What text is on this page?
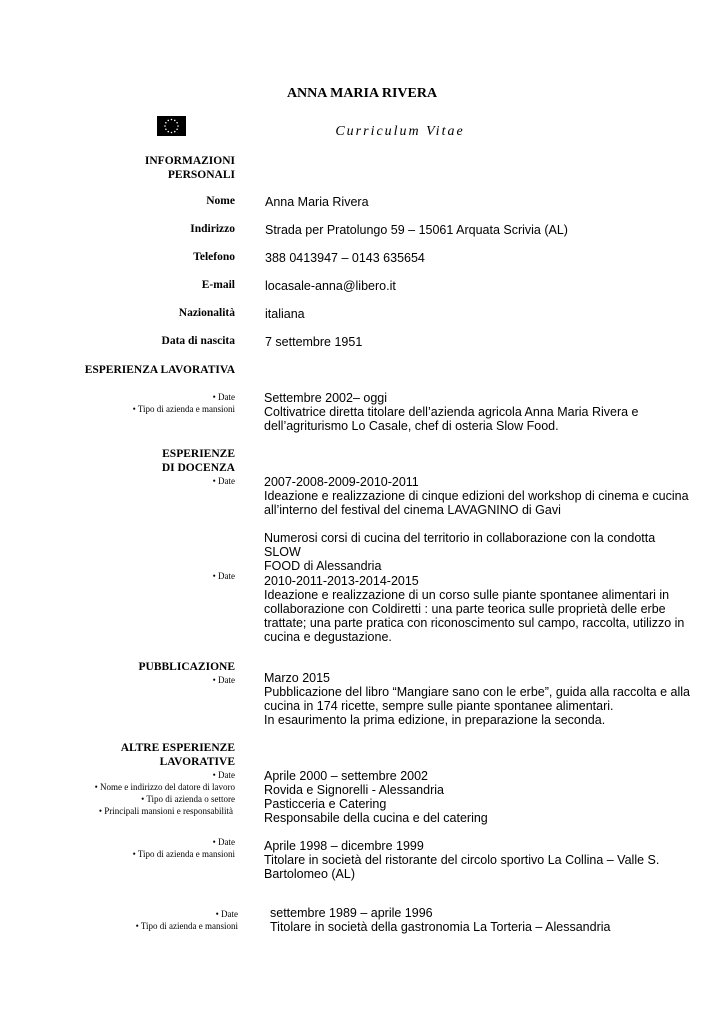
ANNA MARIA RIVERA
Curriculum Vitae
INFORMAZIONI
PERSONALI
Nome Anna Maria Rivera
Indirizzo Strada per Pratolungo 59 – 15061 Arquata Scrivia (AL)
Telefono 388 0413947 – 0143 635654
E-mail locasale-anna@libero.it
Nazionalità italiana
Data di nascita 7 settembre 1951
ESPERIENZA LAVORATIVA
• Date
• Tipo di azienda e mansioni
Settembre 2002– oggi
Coltivatrice diretta titolare dell’azienda agricola Anna Maria Rivera e
dell’agriturismo Lo Casale, chef di osteria Slow Food.
ESPERIENZE
DI DOCENZA
• Date 2007-2008-2009-2010-2011
Ideazione e realizzazione di cinque edizioni del workshop di cinema e cucina
all’interno del festival del cinema LAVAGNINO di Gavi
Numerosi corsi di cucina del territorio in collaborazione con la condotta SLOW
FOOD di Alessandria
• Date 2010-2011-2013-2014-2015
Ideazione e realizzazione di un corso sulle piante spontanee alimentari in
collaborazione con Coldiretti : una parte teorica sulle proprietà delle erbe
trattate; una parte pratica con riconoscimento sul campo, raccolta, utilizzo in
cucina e degustazione.
PUBBLICAZIONE
• Date Marzo 2015
Pubblicazione del libro “Mangiare sano con le erbe”, guida alla raccolta e alla
cucina in 174 ricette, sempre sulle piante spontanee alimentari.
In esaurimento la prima edizione, in preparazione la seconda.
ALTRE ESPERIENZE
LAVORATIVE
• Date
• Nome e indirizzo del datore di lavoro
• Tipo di azienda o settore
• Principali mansioni e responsabilità
Aprile 2000 – settembre 2002
Rovida e Signorelli - Alessandria
Pasticceria e Catering
Responsabile della cucina e del catering
• Date
• Tipo di azienda e mansioni
Aprile 1998 – dicembre 1999
Titolare in società del ristorante del circolo sportivo La Collina – Valle S.
Bartolomeo (AL)
• Date
• Tipo di azienda e mansioni
settembre 1989 – aprile 1996
Titolare in società della gastronomia La Torteria – Alessandria
